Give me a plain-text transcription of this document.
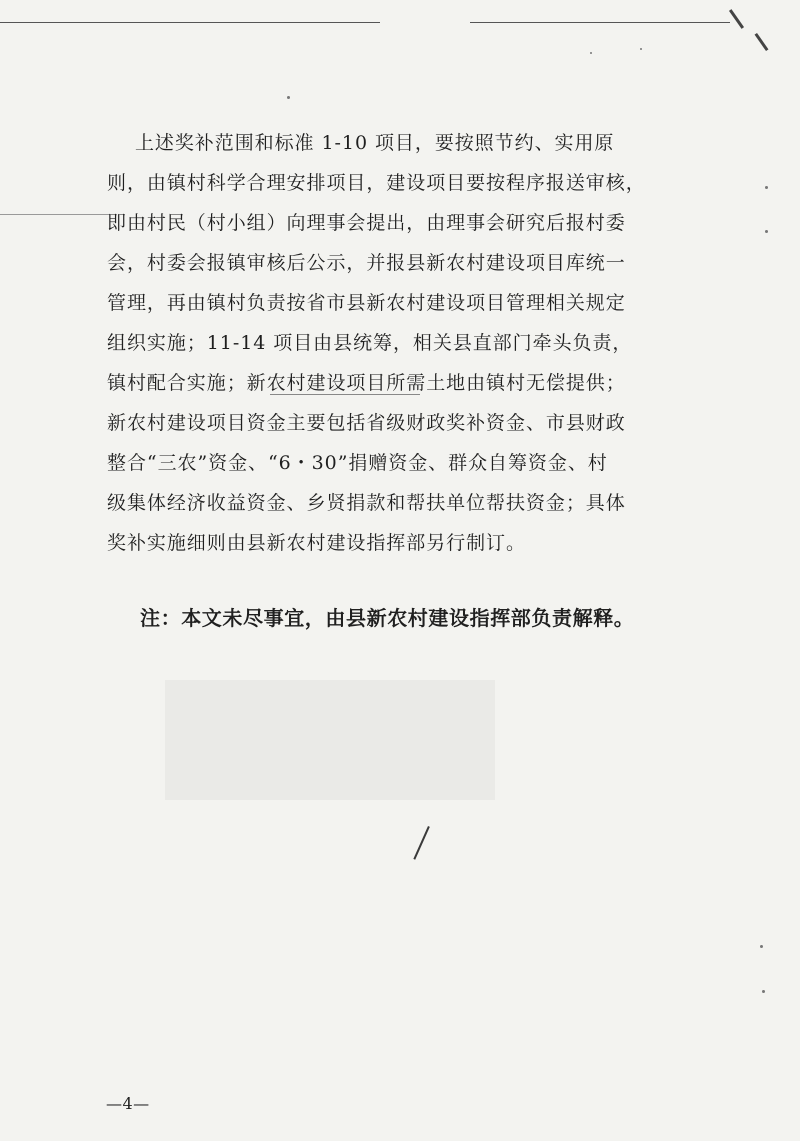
上述奖补范围和标准 1-10 项目，要按照节约、实用原
则，由镇村科学合理安排项目，建设项目要按程序报送审核，
即由村民（村小组）向理事会提出，由理事会研究后报村委
会，村委会报镇审核后公示，并报县新农村建设项目库统一
管理，再由镇村负责按省市县新农村建设项目管理相关规定
组织实施；11-14 项目由县统筹，相关县直部门牵头负责，
镇村配合实施；新农村建设项目所需土地由镇村无偿提供；
新农村建设项目资金主要包括省级财政奖补资金、市县财政
整合“三农”资金、“6・30”捐赠资金、群众自筹资金、村
级集体经济收益资金、乡贤捐款和帮扶单位帮扶资金；具体
奖补实施细则由县新农村建设指挥部另行制订。

注：本文未尽事宜，由县新农村建设指挥部负责解释。

—4—
